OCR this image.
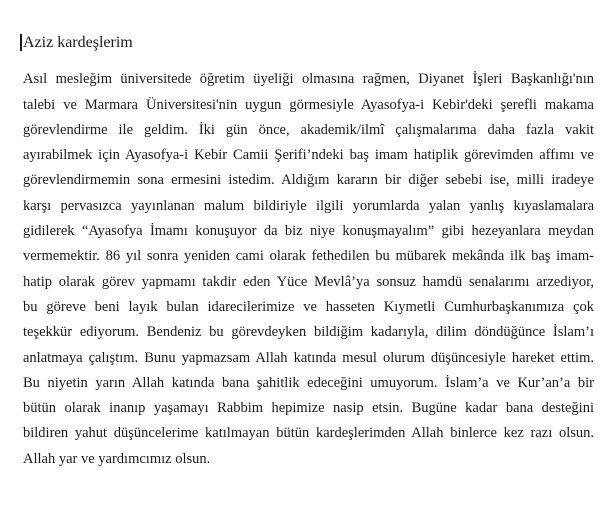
Aziz kardeşlerim

Asıl mesleğim üniversitede öğretim üyeliği olmasına rağmen, Diyanet İşleri Başkanlığı'nın
talebi ve Marmara Üniversitesi'nin uygun görmesiyle Ayasofya-i Kebir'deki şerefli makama
görevlendirme ile geldim. İki gün önce, akademik/ilmî çalışmalarıma daha fazla vakit
ayırabilmek için Ayasofya-i Kebir Camii Şerifi’ndeki baş imam hatiplik görevimden affımı ve
görevlendirmemin sona ermesini istedim. Aldığım kararın bir diğer sebebi ise, milli iradeye
karşı pervasızca yayınlanan malum bildiriyle ilgili yorumlarda yalan yanlış kıyaslamalara
gidilerek “Ayasofya İmamı konuşuyor da biz niye konuşmayalım” gibi hezeyanlara meydan
vermemektir. 86 yıl sonra yeniden cami olarak fethedilen bu mübarek mekânda ilk baş imam-
hatip olarak görev yapmamı takdir eden Yüce Mevlâ’ya sonsuz hamdü senalarımı arzediyor,
bu göreve beni layık bulan idarecilerimize ve hasseten Kıymetli Cumhurbaşkanımıza çok
teşekkür ediyorum. Bendeniz bu görevdeyken bildiğim kadarıyla, dilim döndüğünce İslam’ı
anlatmaya çalıştım. Bunu yapmazsam Allah katında mesul olurum düşüncesiyle hareket ettim.
Bu niyetin yarın Allah katında bana şahitlik edeceğini umuyorum. İslam’a ve Kur’an’a bir
bütün olarak inanıp yaşamayı Rabbim hepimize nasip etsin. Bugüne kadar bana desteğini
bildiren yahut düşüncelerime katılmayan bütün kardeşlerimden Allah binlerce kez razı olsun.
Allah yar ve yardımcımız olsun.
